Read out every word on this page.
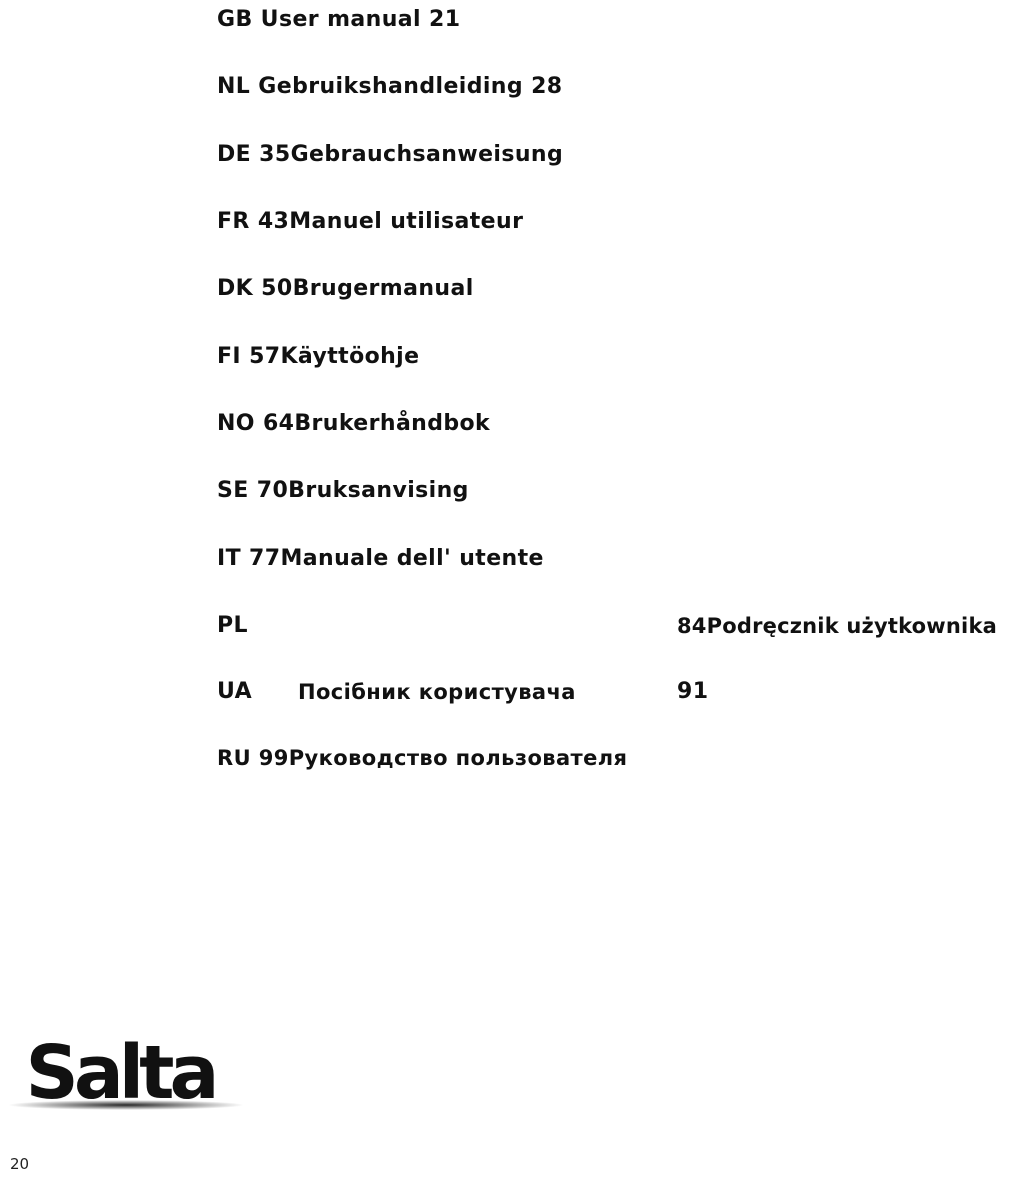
GB User manual 21
NL Gebruikshandleiding 28
DE 35Gebrauchsanweisung
FR 43Manuel utilisateur
DK 50Brugermanual
FI 57Käyttöohje
NO 64Brukerhåndbok
SE 70Bruksanvising
IT 77Manuale dell' utente
PL	84Podręcznik użytkownika
UA Посібник користувача	91
RU 99Руководство пользователя
Salta
20
